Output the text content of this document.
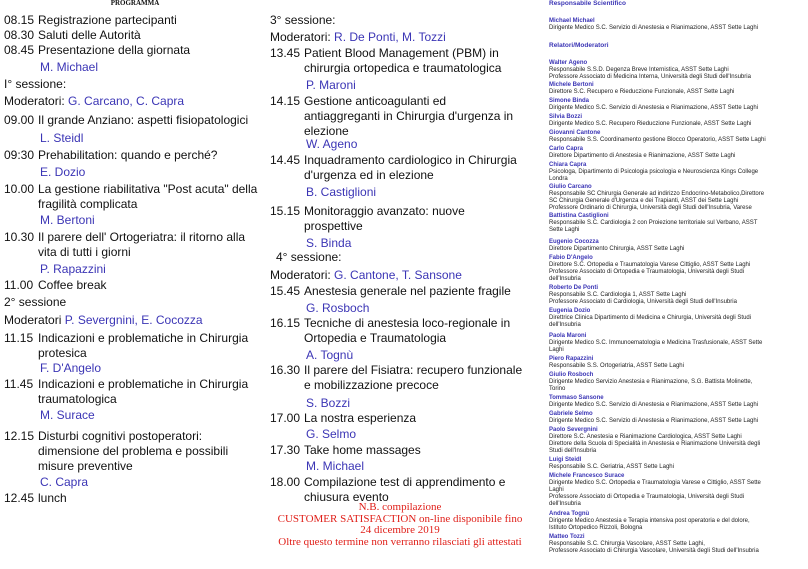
PROGRAMMA
08.15 Registrazione partecipanti
08.30 Saluti delle Autorità
08.45 Presentazione della giornata
M. Michael
I° sessione:
Moderatori: G. Carcano, C. Capra
09.00 Il grande Anziano: aspetti fisiopatologici
L. Steidl
09:30 Prehabilitation: quando e perché?
E. Dozio
10.00 La gestione riabilitativa "Post acuta" della fragilità complicata
M. Bertoni
10.30 Il parere dell' Ortogeriatra: il ritorno alla vita di tutti i giorni
P. Rapazzini
11.00 Coffee break
2° sessione
Moderatori P. Severgnini, E. Cocozza
11.15 Indicazioni e problematiche in Chirurgia protesica
F. D'Angelo
11.45 Indicazioni e problematiche in Chirurgia traumatologica
M. Surace
12.15 Disturbi cognitivi postoperatori: dimensione del problema e possibili misure preventive
C. Capra
12.45 lunch
3° sessione:
Moderatori: R. De Ponti, M. Tozzi
13.45 Patient Blood Management (PBM) in chirurgia ortopedica e traumatologica
P. Maroni
14.15 Gestione anticoagulanti ed antiaggreganti in Chirurgia d'urgenza in elezione
W. Ageno
14.45 Inquadramento cardiologico in Chirurgia d'urgenza ed in elezione
B. Castiglioni
15.15 Monitoraggio avanzato: nuove prospettive
S. Binda
4° sessione:
Moderatori: G. Cantone, T. Sansone
15.45 Anestesia generale nel paziente fragile
G. Rosboch
16.15 Tecniche di anestesia loco-regionale in Ortopedia e Traumatologia
A. Tognù
16.30 Il parere del Fisiatra: recupero funzionale e mobilizzazione precoce
S. Bozzi
17.00 La nostra esperienza
G. Selmo
17.30 Take home massages
M. Michael
18.00 Compilazione test di apprendimento e chiusura evento
N.B. compilazione
CUSTOMER SATISFACTION on-line disponibile fino
24 dicembre 2019
Oltre questo termine non verranno rilasciati gli attestati
Responsabile Scientifico
Michael Michael
Dirigente Medico S.C. Servizio di Anestesia e Rianimazione, ASST Sette Laghi
Relatori/Moderatori
Walter Ageno
Responsabile S.S.D. Degenza Breve Internistica, ASST Sette Laghi
Professore Associato di Medicina Interna, Università degli Studi dell'Insubria
Michele Bertoni
Direttore S.C. Recupero e Rieduczione Funzionale, ASST Sette Laghi
Simone Binda
Dirigente Medico S.C. Servizio di Anestesia e Rianimazione, ASST Sette Laghi
Silvia Bozzi
Dirigente Medico S.C. Recupero Rieduczione Funzionale, ASST Sette Laghi
Giovanni Cantone
Responsabile S.S. Coordinamento gestione Blocco Operatorio, ASST Sette Laghi
Carlo Capra
Direttore Dipartimento di Anestesia e Rianimazione, ASST Sette Laghi
Chiara Capra
Psicologa, Dipartimento di Psicologia psicologia e Neuroscienza Kings College
Londra
Giulio Carcano
Responsabile SC Chirurgia Generale ad indirizzo Endocrino-Metabolico,Direttore
SC Chirurgia Generale d'Urgenza e dei Trapianti, ASST dei Sette Laghi
Professore Ordinario di Chirurgia, Università degli Studi dell'Insubria, Varese
Battistina Castiglioni
Responsabile S.C. Cardiologia 2 con Proiezione territoriale sul Verbano, ASST
Sette Laghi
Eugenio Cocozza
Direttore Dipartimento Chirurgia, ASST Sette Laghi
Fabio D'Angelo
Direttore S.C. Ortopedia e Traumatologia Varese Cittiglio, ASST Sette Laghi
Professore Associato di Ortopedia e Traumatologia, Università degli Studi
dell'Insubria
Roberto De Ponti
Responsabile S.C. Cardiologia 1, ASST Sette Laghi
Professore Associato di Cardiologia, Università degli Studi dell'Insubria
Eugenia Dozio
Direttrice Clinica Dipartimento di Medicina e Chirurgia, Università degli Studi
dell'Insubria
Paola Maroni
Dirigente Medico S.C. Immunoematologia e Medicina Trasfusionale, ASST Sette
Laghi
Piero Rapazzini
Responsabile S.S. Ortogeriatria, ASST Sette Laghi
Giulio Rosboch
Dirigente Medico Servizio Anestesia e Rianimazione, S.G. Battista Molinette,
Torino
Tommaso Sansone
Dirigente Medico S.C. Servizio di Anestesia e Rianimazione, ASST Sette Laghi
Gabriele Selmo
Dirigente Medico S.C. Servizio di Anestesia e Rianimazione, ASST Sette Laghi
Paolo Severgnini
Direttore S.C. Anestesia e Rianimazione Cardiologica, ASST Sette Laghi
Direttore della Scuola di Specialità in Anestesia e Rianimazione Università degli
Studi dell'Insubria
Luigi Steidl
Responsabile S.C. Geriatria, ASST Sette Laghi
Michele Francesco Surace
Dirigente Medico S.C. Ortopedia e Traumatologia Varese e Cittiglio, ASST Sette
Laghi
Professore Associato di Ortopedia e Traumatologia, Università degli Studi
dell'Insubria
Andrea Tognù
Dirigente Medico Anestesia e Terapia intensiva post operatoria e del dolore,
Istituto Ortopedico Rizzoli, Bologna
Matteo Tozzi
Responsabile S.C. Chirurgia Vascolare, ASST Sette Laghi,
Professore Associato di Chirurgia Vascolare, Università degli Studi dell'Insubria
